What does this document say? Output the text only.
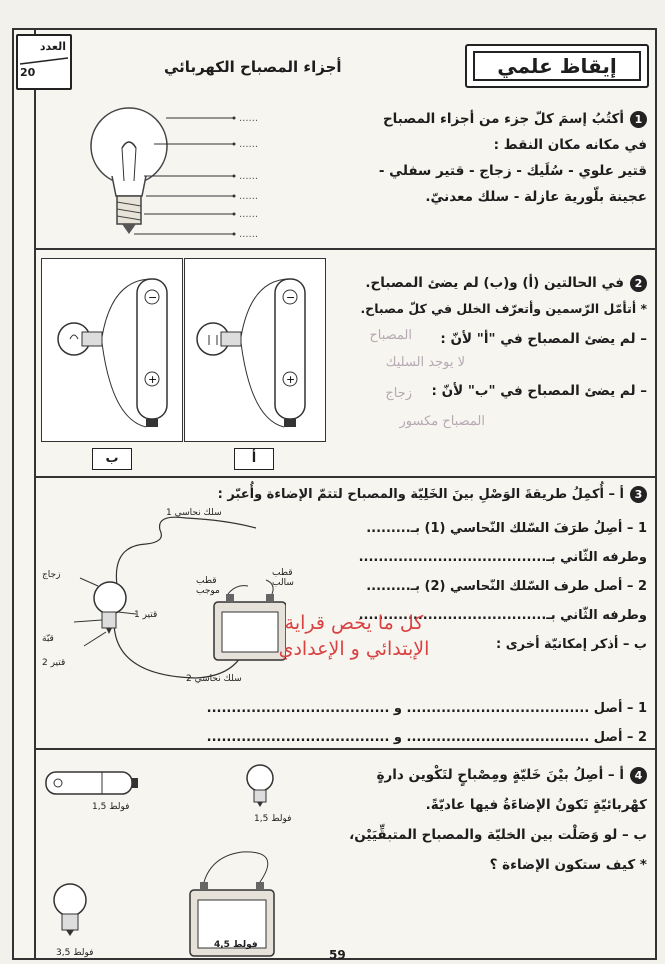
العدد
20	أجزاء المصباح الكهربائي	إيقاظ علمي
......
......
......
......
......
......
1أكتُبُ إسمَ كلّ جزء من أجزاء المصباح
في مكانه مكان النقط :
قتير علوي - سُلَيك - زجاج - قتير سفلي -
عجينة بلّورية عازلة - سلك معدنيّ.
−
+
ب
−
+
أ
2في الحالتين (أ) و(ب) لم يضئ المصباح.
* أتأمّل الرّسمين وأتعرّف الخلل في كلّ مصباح.
– لم يضئ المصباح في "أ" لأنّ :
– لم يضئ المصباح في "ب" لأنّ :
المصباح
لا يوجد السليك
زجاج
المصباح مكسور
3أ – أُكمِلُ طريقةَ الوَصْلِ بينَ الخَلِيّة والمصباح لتتمّ الإضاءة وأُعبّر :
1 – أصِلُ طرَفَ السّلك النّحاسي (1) بـ.........
وطرفه الثّاني بـ......................................
2 – أصل طرف السّلك النّحاسي (2) بـ.........
وطرفه الثّاني بـ......................................
ب – أذكر إمكانيّة أخرى :
1 – أصل ..................................... و .....................................
2 – أصل ..................................... و .....................................
سلك نحاسي 1
سلك نحاسي 2
زجاج
قتير 1
قتير 2
قبّة
قطب سالب
قطب موجب
كل ما يخص قراية
الإبتدائي و الإعدادي
4أ – أصِلُ بيْنَ خَليّةٍ ومِصْباحٍ لتَكْوين دارةٍ
كهْربائيّةٍ تَكونُ الإضاءَةُ فيها عاديّةً.
ب – لو وَصَلْت بين الخليّة والمصباح المتبقِّيَيْن،
* كيف ستكون الإضاءة ؟
1,5 فولط
1,5 فولط
4,5 فولط
3,5 فولط	59
